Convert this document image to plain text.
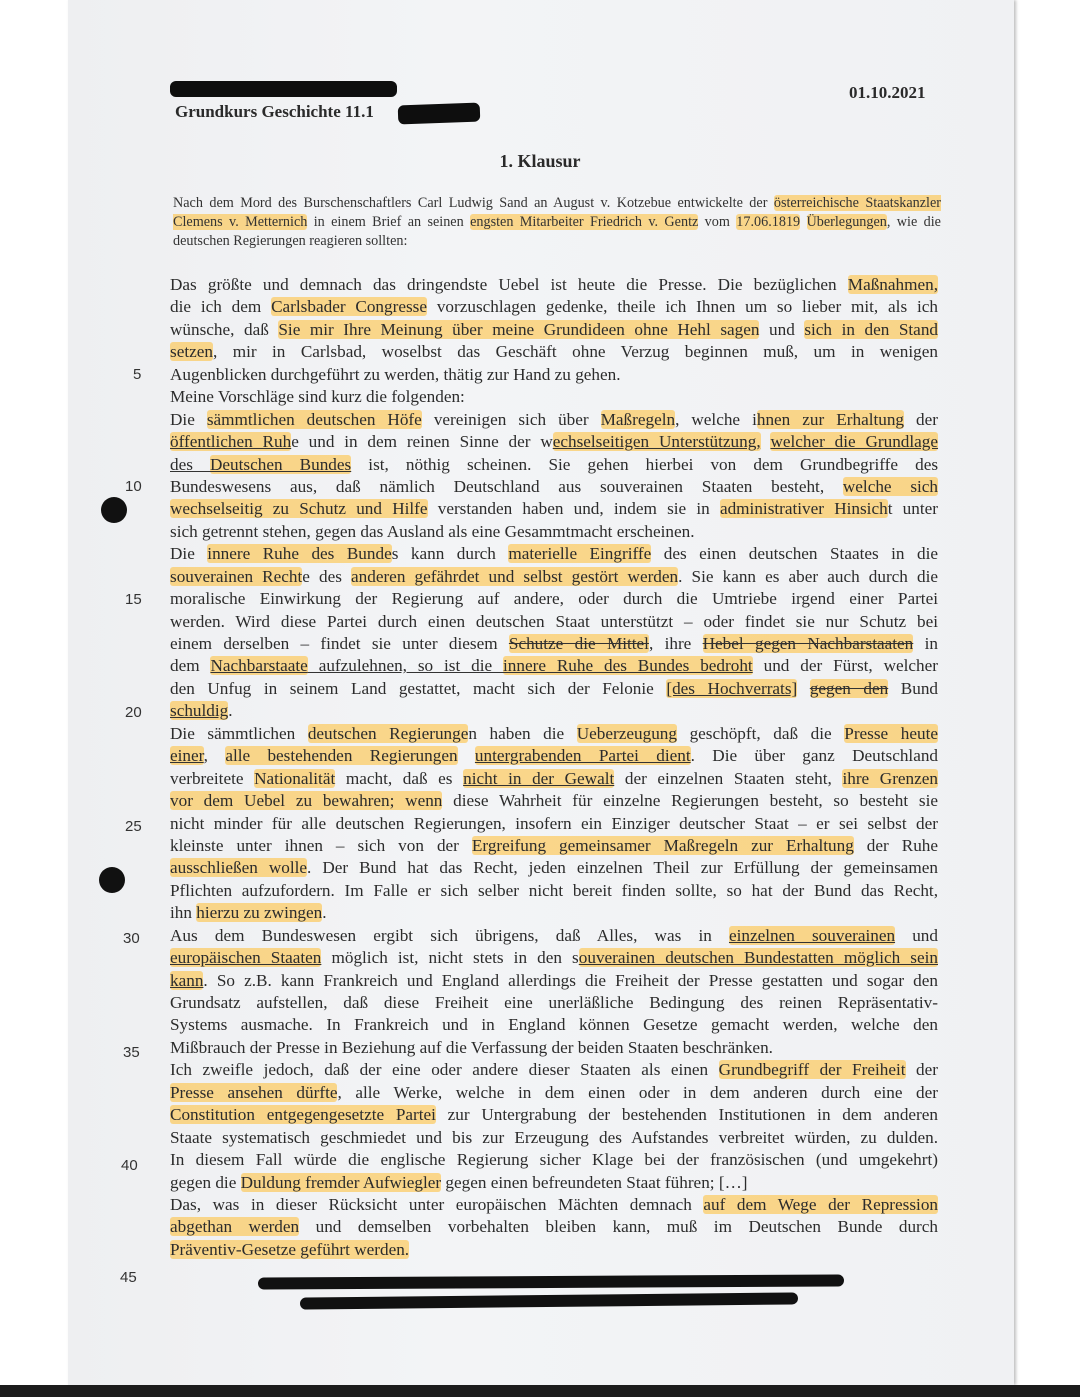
Grundkurs Geschichte 11.1
01.10.2021
1. Klausur
Nach dem Mord des Burschenschaftlers Carl Ludwig Sand an August v. Kotzebue entwickelte der österreichische Staatskanzler Clemens v. Metternich in einem Brief an seinen engsten Mitarbeiter Friedrich v. Gentz vom 17.06.1819 Überlegungen, wie die deutschen Regierungen reagieren sollten:
5
10
15
20
25
30
35
40
45
Das größte und demnach das dringendste Uebel ist heute die Presse. Die bezüglichen Maßnahmen,
die ich dem Carlsbader Congresse vorzuschlagen gedenke, theile ich Ihnen um so lieber mit, als ich
wünsche, daß Sie mir Ihre Meinung über meine Grundideen ohne Hehl sagen und sich in den Stand
setzen, mir in Carlsbad, woselbst das Geschäft ohne Verzug beginnen muß, um in wenigen
Augenblicken durchgeführt zu werden, thätig zur Hand zu gehen.
Meine Vorschläge sind kurz die folgenden:
Die sämmtlichen deutschen Höfe vereinigen sich über Maßregeln, welche ihnen zur Erhaltung der
öffentlichen Ruhe und in dem reinen Sinne der wechselseitigen Unterstützung, welcher die Grundlage
des Deutschen Bundes ist, nöthig scheinen. Sie gehen hierbei von dem Grundbegriffe des
Bundeswesens aus, daß nämlich Deutschland aus souverainen Staaten besteht, welche sich
wechselseitig zu Schutz und Hilfe verstanden haben und, indem sie in administrativer Hinsicht unter
sich getrennt stehen, gegen das Ausland als eine Gesammtmacht erscheinen.
Die innere Ruhe des Bundes kann durch materielle Eingriffe des einen deutschen Staates in die
souverainen Rechte des anderen gefährdet und selbst gestört werden. Sie kann es aber auch durch die
moralische Einwirkung der Regierung auf andere, oder durch die Umtriebe irgend einer Partei
werden. Wird diese Partei durch einen deutschen Staat unterstützt – oder findet sie nur Schutz bei
einem derselben – findet sie unter diesem Schutze die Mittel, ihre Hebel gegen Nachbarstaaten in
dem Nachbarstaate aufzulehnen, so ist die innere Ruhe des Bundes bedroht und der Fürst, welcher
den Unfug in seinem Land gestattet, macht sich der Felonie [des Hochverrats] gegen den Bund
schuldig.
Die sämmtlichen deutschen Regierungen haben die Ueberzeugung geschöpft, daß die Presse heute
einer, alle bestehenden Regierungen untergrabenden Partei dient. Die über ganz Deutschland
verbreitete Nationalität macht, daß es nicht in der Gewalt der einzelnen Staaten steht, ihre Grenzen
vor dem Uebel zu bewahren; wenn diese Wahrheit für einzelne Regierungen besteht, so besteht sie
nicht minder für alle deutschen Regierungen, insofern ein Einziger deutscher Staat – er sei selbst der
kleinste unter ihnen – sich von der Ergreifung gemeinsamer Maßregeln zur Erhaltung der Ruhe
ausschließen wolle. Der Bund hat das Recht, jeden einzelnen Theil zur Erfüllung der gemeinsamen
Pflichten aufzufordern. Im Falle er sich selber nicht bereit finden sollte, so hat der Bund das Recht,
ihn hierzu zu zwingen.
Aus dem Bundeswesen ergibt sich übrigens, daß Alles, was in einzelnen souverainen und
europäischen Staaten möglich ist, nicht stets in den souverainen deutschen Bundestatten möglich sein
kann. So z.B. kann Frankreich und England allerdings die Freiheit der Presse gestatten und sogar den
Grundsatz aufstellen, daß diese Freiheit eine unerläßliche Bedingung des reinen Repräsentativ-
Systems ausmache. In Frankreich und in England können Gesetze gemacht werden, welche den
Mißbrauch der Presse in Beziehung auf die Verfassung der beiden Staaten beschränken.
Ich zweifle jedoch, daß der eine oder andere dieser Staaten als einen Grundbegriff der Freiheit der
Presse ansehen dürfte, alle Werke, welche in dem einen oder in dem anderen durch eine der
Constitution entgegengesetzte Partei zur Untergrabung der bestehenden Institutionen in dem anderen
Staate systematisch geschmiedet und bis zur Erzeugung des Aufstandes verbreitet würden, zu dulden.
In diesem Fall würde die englische Regierung sicher Klage bei der französischen (und umgekehrt)
gegen die Duldung fremder Aufwiegler gegen einen befreundeten Staat führen; […]
Das, was in dieser Rücksicht unter europäischen Mächten demnach auf dem Wege der Repression
abgethan werden und demselben vorbehalten bleiben kann, muß im Deutschen Bunde durch
Präventiv-Gesetze geführt werden.
